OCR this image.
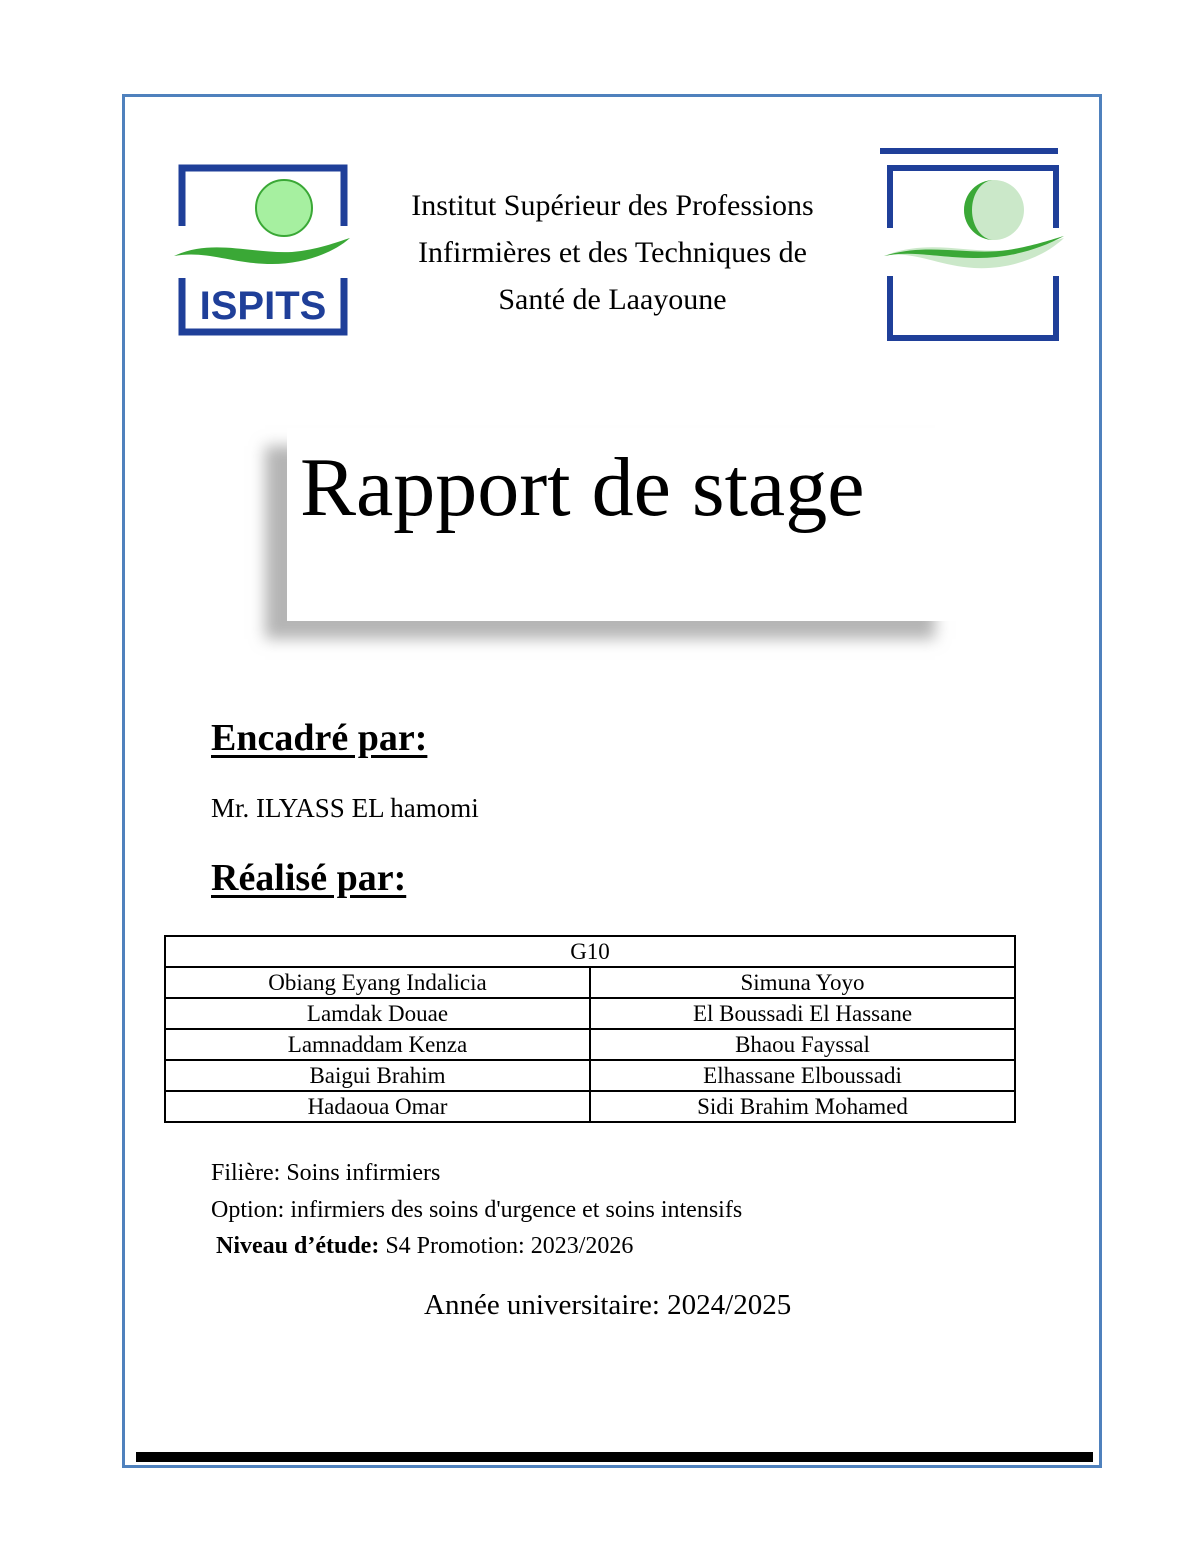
ISPITS
Institut Supérieur des Professions
Infirmières et des Techniques de
Santé de Laayoune
Rapport de stage
Encadré par:
Mr. ILYASS EL hamomi
Réalisé par:
G10	
Obiang Eyang Indalicia	Simuna Yoyo
Lamdak Douae	El Boussadi El Hassane
Lamnaddam Kenza	Bhaou Fayssal
Baigui Brahim	Elhassane Elboussadi
Hadaoua Omar	Sidi Brahim Mohamed
Filière: Soins infirmiers
Option: infirmiers des soins d'urgence et soins intensifs
Niveau d’étude: S4 Promotion: 2023/2026
Année universitaire: 2024/2025
